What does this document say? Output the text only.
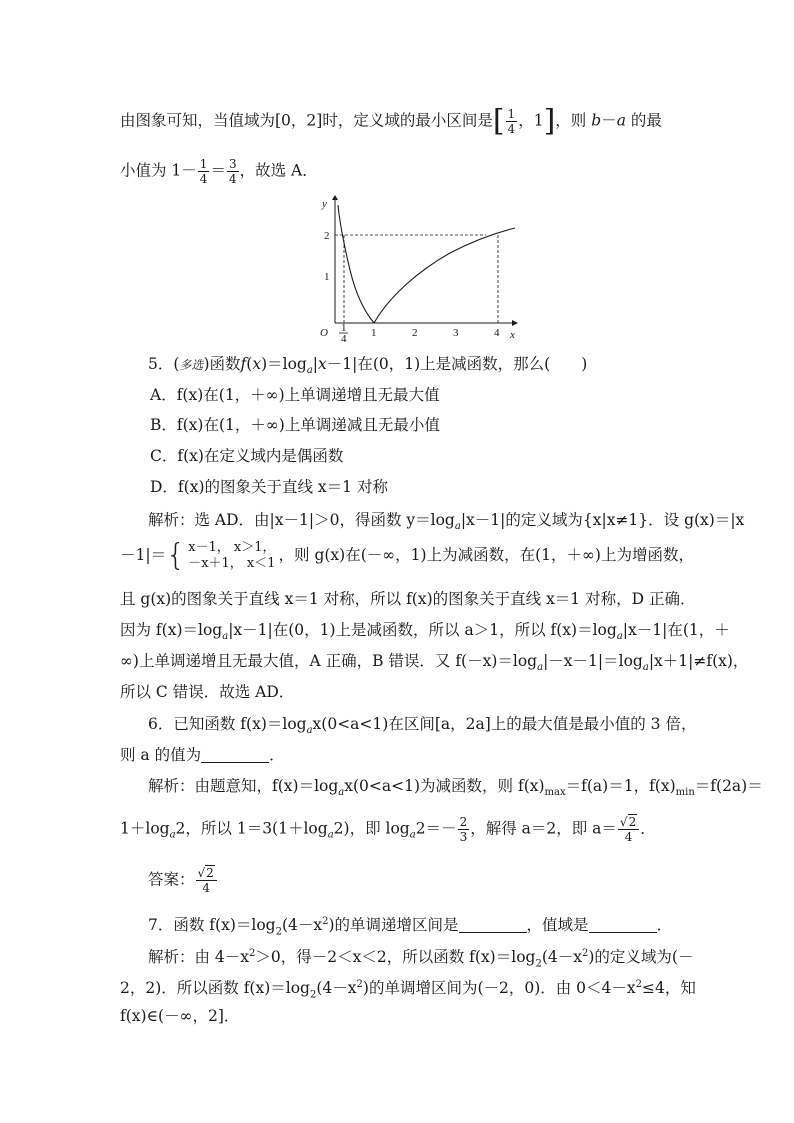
由图象可知，当值域为[0，2]时，定义域的最小区间是[ $\frac{1}{4}$ ，1]，则 b－a 的最
小值为 $1- \frac{1}{4} = \frac{3}{4}$ ，故选 A．
y
x
O
1
2
1	2	3	4
1
4
5．(多选)函数$f(x)=\log_a|x-1|$在(0，1)上是减函数，那么(　　)
A．f(x)在(1，＋∞)上单调递增且无最大值
B．f(x)在(1，＋∞)上单调递减且无最小值
C．f(x)在定义域内是偶函数
D．f(x)的图象关于直线 x＝1 对称
解析：选 AD．由|x－1|＞0，得函数 $y=\log_a|x-1|$的定义域为{x|x≠1}．设 g(x)＝|x
－1|＝{ x－1， x＞1，
－x＋1， x＜1 ，则 g(x)在(－∞，1)上为减函数，在(1，＋∞)上为增函数，
且 g(x)的图象关于直线 x＝1 对称，所以 f(x)的图象关于直线 x＝1 对称，D 正确．
因为 $f(x)=\log_a|x-1|$在(0，1)上是减函数，所以 a＞1，所以 $f(x)=\log_a|x-1|$在(1，＋
∞)上单调递增且无最大值，A 正确，B 错误．又 $f(-x)=\log_a|-x-1|=\log_a|x+1|\ne f(x)$，
所以 C 错误．故选 AD．
6．已知函数 $f(x)=\log_ax(0<a<1)$在区间[a，2a]上的最大值是最小值的 3 倍，
则 a 的值为	．
解析：由题意知，$f(x)=\log_ax(0<a<1)$为减函数，则 $f(x)_{max}=f(a)=1$，$f(x)_{min}=f(2a)=$
$1+\log_a2$，所以 $1=3(1+\log_a2)$，即 $\log_a2=- \frac{2}{3}$ ，解得 a＝2，即 $a= \frac{√2}{4}$ ．
答案： $\frac{√2}{4}$
7．函数 $f(x)=\log_2(4-x^2)$的单调递增区间是	，值域是	．
解析：由 $4-x^2>0$，得－2＜x＜2，所以函数 $f(x)=\log_2(4-x^2)$的定义域为(－
2，2)．所以函数 $f(x)=\log_2(4-x^2)$的单调增区间为(－2，0)．由 $0<4-x^2\le 4$，知
f(x)∈(－∞，2]．
